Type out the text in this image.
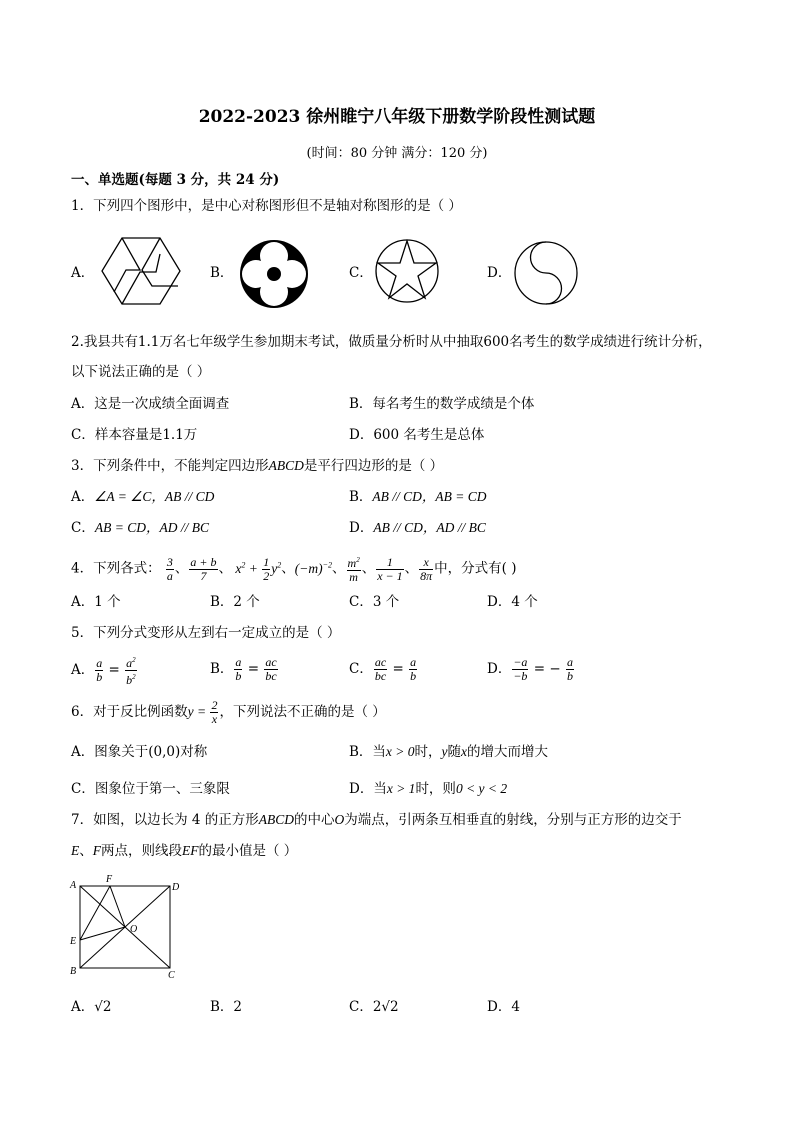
2022-2023 徐州睢宁八年级下册数学阶段性测试题
(时间：80 分钟 满分：120 分)
一、单选题(每题 3 分，共 24 分)
1．下列四个图形中，是中心对称图形但不是轴对称图形的是（ ）
A．	B．	C．	D．
2.我县共有1.1万名七年级学生参加期末考试，做质量分析时从中抽取600名考生的数学成绩进行统计分析，
以下说法正确的是（ ）
A．这是一次成绩全面调查	B．每名考生的数学成绩是个体
C．样本容量是1.1万	D．600 名考生是总体
3．下列条件中，不能判定四边形ABCD是平行四边形的是（ ）
A．∠A = ∠C，AB // CD	B．AB // CD，AB = CD
C．AB = CD，AD // BC	D．AB // CD，AD // BC
4．下列各式： $\frac{3}{a}$ 、 $\frac{a + b}{7}$ 、 $x^2 + \frac{1}{2} y^2$、$(-m)^{-2}$、 $\frac{m^2}{m}$ 、 $\frac{1}{x - 1}$ 、 $\frac{x}{8\pi}$ 中，分式有( )
A．1 个	B．2 个	C．3 个	D．4 个
5．下列分式变形从左到右一定成立的是（ ）
A． $\frac{a}{b} = \frac{a^2}{b^2}$	B． $\frac{a}{b} = \frac{ac}{bc}$	C． $\frac{ac}{bc} = \frac{a}{b}$	D． $\frac{-a}{-b}$ = − $\frac{a}{b}$
6．对于反比例函数$y = \frac{2}{x}$ ，下列说法不正确的是（ ）
A．图象关于(0,0)对称	B．当x > 0时，y随x的增大而增大
C．图象位于第一、三象限	D．当x > 1时，则0 < y < 2
7．如图，以边长为 4 的正方形ABCD的中心O为端点，引两条互相垂直的射线，分别与正方形的边交于
E、F两点，则线段EF的最小值是（ ）
A
F
D
E
O
B	C
A．√2	B．2	C．2√2	D．4
